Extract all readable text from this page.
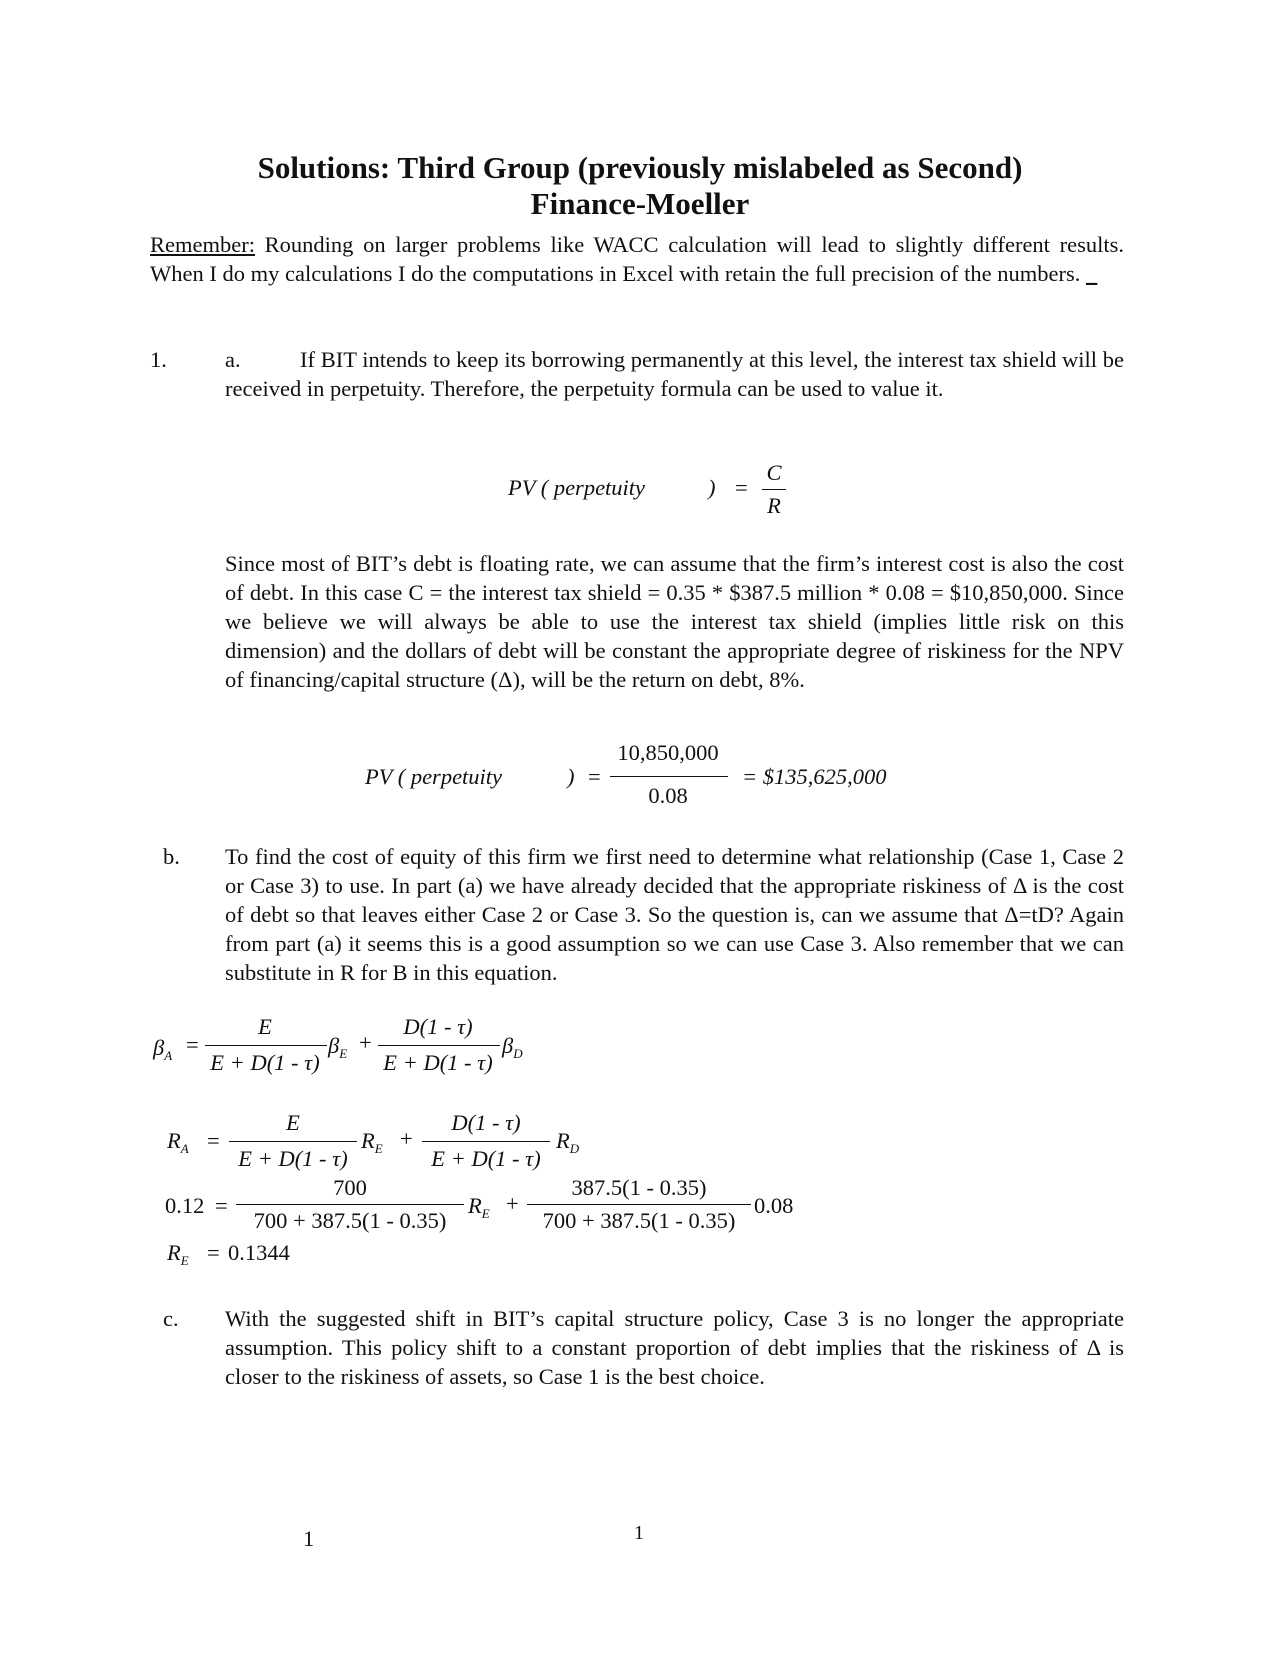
Solutions: Third Group (previously mislabeled as Second)
Finance-Moeller
Remember: Rounding on larger problems like WACC calculation will lead to slightly different results. When I do my calculations I do the computations in Excel with retain the full precision of the numbers. _
1.	a.	If BIT intends to keep its borrowing permanently at this level, the interest tax shield will be received in perpetuity. Therefore, the perpetuity formula can be used to value it.
PV ( perpetuity	) =
C
R
Since most of BIT’s debt is floating rate, we can assume that the firm’s interest cost is also the cost of debt. In this case C = the interest tax shield = 0.35 * $387.5 million * 0.08 = $10,850,000. Since we believe we will always be able to use the interest tax shield (implies little risk on this dimension) and the dollars of debt will be constant the appropriate degree of riskiness for the NPV of financing/capital structure (Δ), will be the return on debt, 8%.
PV ( perpetuity	) =
10,850,000
0.08
= $135,625,000
b. To find the cost of equity of this firm we first need to determine what relationship (Case 1, Case 2 or Case 3) to use. In part (a) we have already decided that the appropriate riskiness of Δ is the cost of debt so that leaves either Case 2 or Case 3. So the question is, can we assume that Δ=tD? Again from part (a) it seems this is a good assumption so we can use Case 3. Also remember that we can substitute in R for Β in this equation.
$\beta_A$ =
E
E + D(1 - τ)
$\beta_E$ +
D(1 - τ)
E + D(1 - τ)
$\beta_D$
$R_A$ =
E
E + D(1 - τ)
$R_E$ +
D(1 - τ)
E + D(1 - τ)
$R_D$
0.12 =
700
700 + 387.5(1 - 0.35)
$R_E$ +
387.5(1 - 0.35)
700 + 387.5(1 - 0.35)
0.08
$R_E = 0.1344$
c. With the suggested shift in BIT’s capital structure policy, Case 3 is no longer the appropriate assumption. This policy shift to a constant proportion of debt implies that the riskiness of Δ is closer to the riskiness of assets, so Case 1 is the best choice.
1	1
